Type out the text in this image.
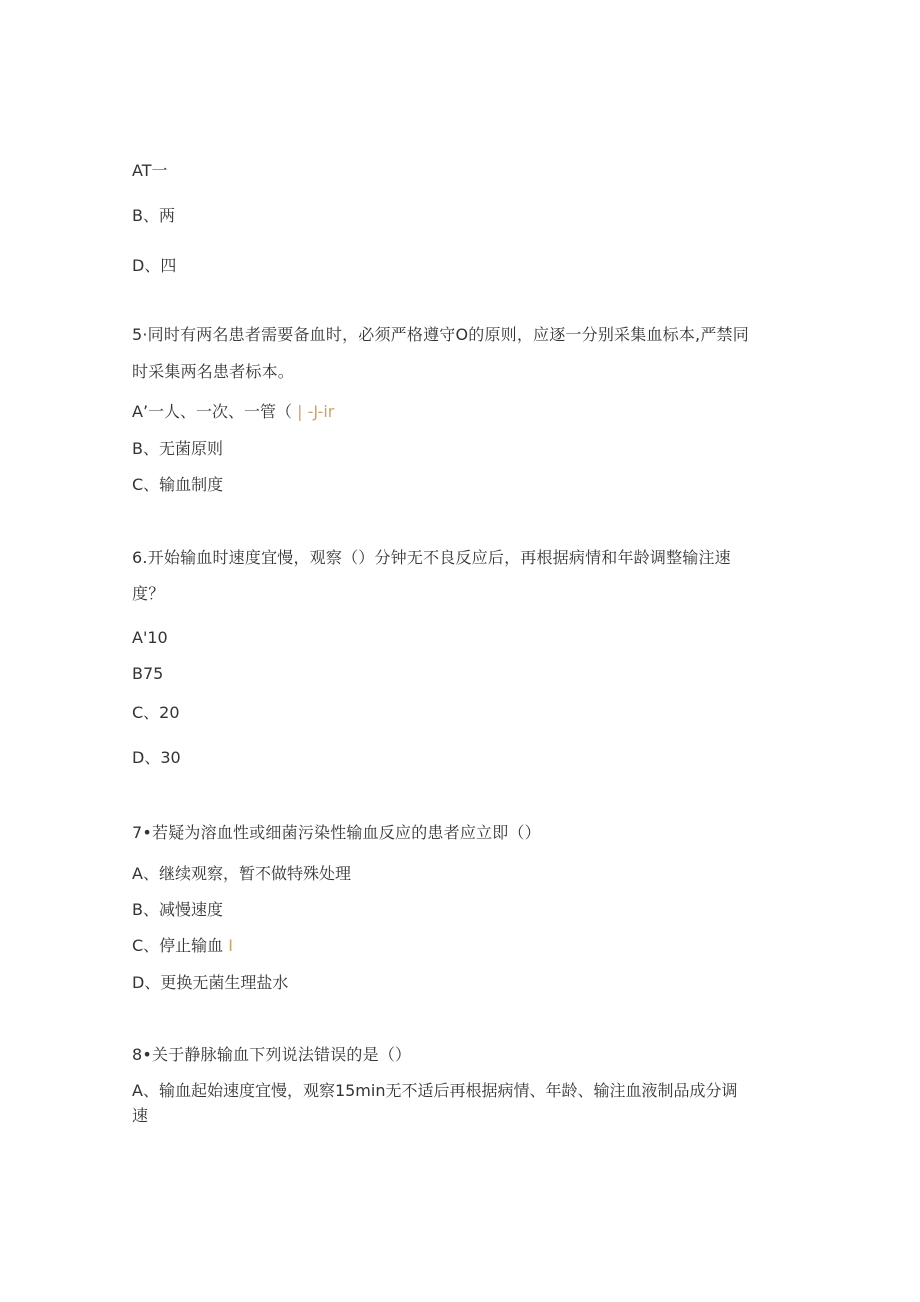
AT一
B、两
D、四
5·同时有两名患者需要备血时，必须严格遵守O的原则，应逐一分别采集血标本,严禁同
时采集两名患者标本。
A’一人、一次、一管（ | -J-ir
B、无菌原则
C、输血制度
6.开始输血时速度宜慢，观察（）分钟无不良反应后，再根据病情和年龄调整输注速
度？
A'10
B75
C、20
D、30
7•若疑为溶血性或细菌污染性输血反应的患者应立即（）
A、继续观察，暂不做特殊处理
B、减慢速度
C、停止输血 I
D、更换无菌生理盐水
8•关于静脉输血下列说法错误的是（）
A、输血起始速度宜慢，观察15min无不适后再根据病情、年龄、输注血液制品成分调
速
